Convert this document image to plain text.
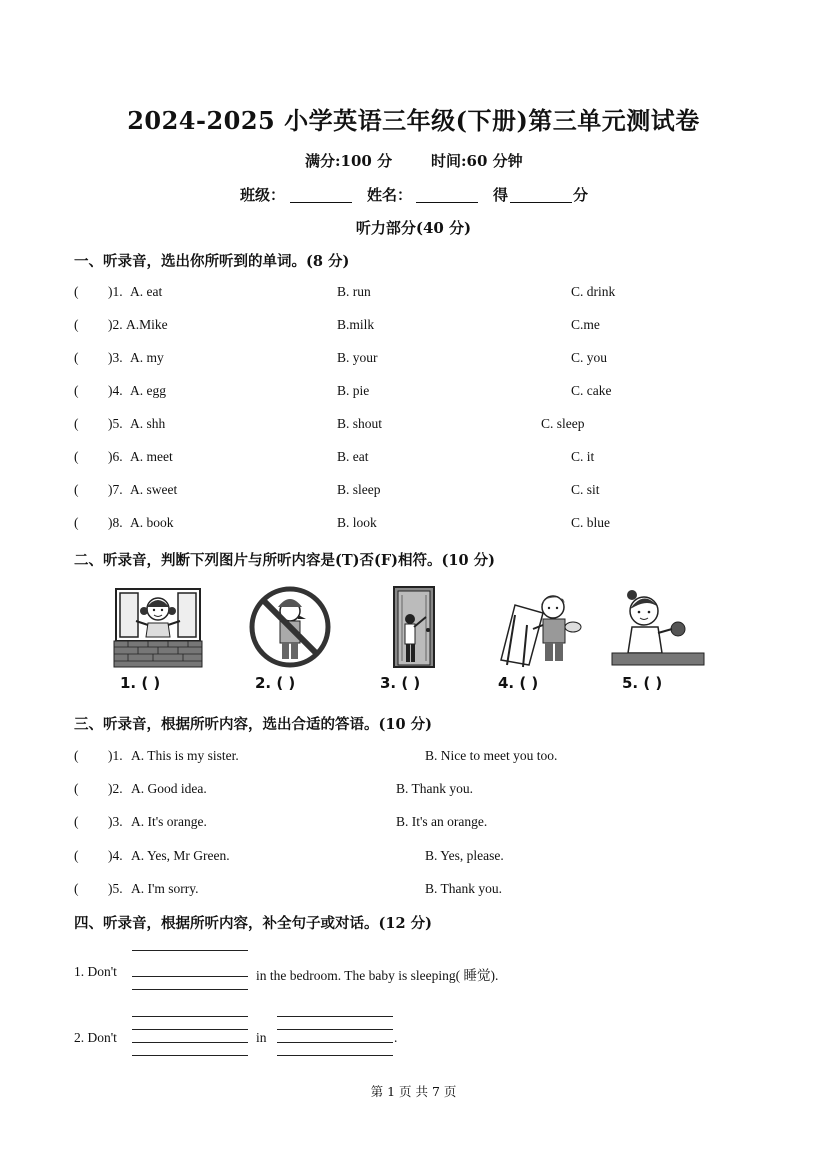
2024-2025 小学英语三年级(下册)第三单元测试卷
满分:100 分	时间:60 分钟
班级：	姓名：	得	分
听力部分(40 分)
一、听录音，选出你所听到的单词。(8 分)
( )1. A. eat	B. run	C. drink
( )2. A.Mike	B.milk	C.me
( )3. A. my	B. your	C. you
( )4. A. egg	B. pie	C. cake
( )5. A. shh	B. shout	C. sleep
( )6. A. meet	B. eat	C. it
( )7. A. sweet	B. sleep	C. sit
( )8. A. book	B. look	C. blue
二、听录音，判断下列图片与所听内容是(T)否(F)相符。(10 分)
1. ( )	2. ( )	3. ( )	4. ( )	5. ( )
三、听录音，根据所听内容，选出合适的答语。(10 分)
( )1. A. This is my sister.	B. Nice to meet you too.
( )2. A. Good idea.	B. Thank you.
( )3. A. It's orange.	B. It's an orange.
( )4. A. Yes, Mr Green.	B. Yes, please.
( )5. A. I'm sorry.	B. Thank you.
四、听录音，根据所听内容，补全句子或对话。(12 分)
1. Don't	in the bedroom. The baby is sleeping( 睡觉).
2. Don't	in	.
第 1 页 共 7 页
